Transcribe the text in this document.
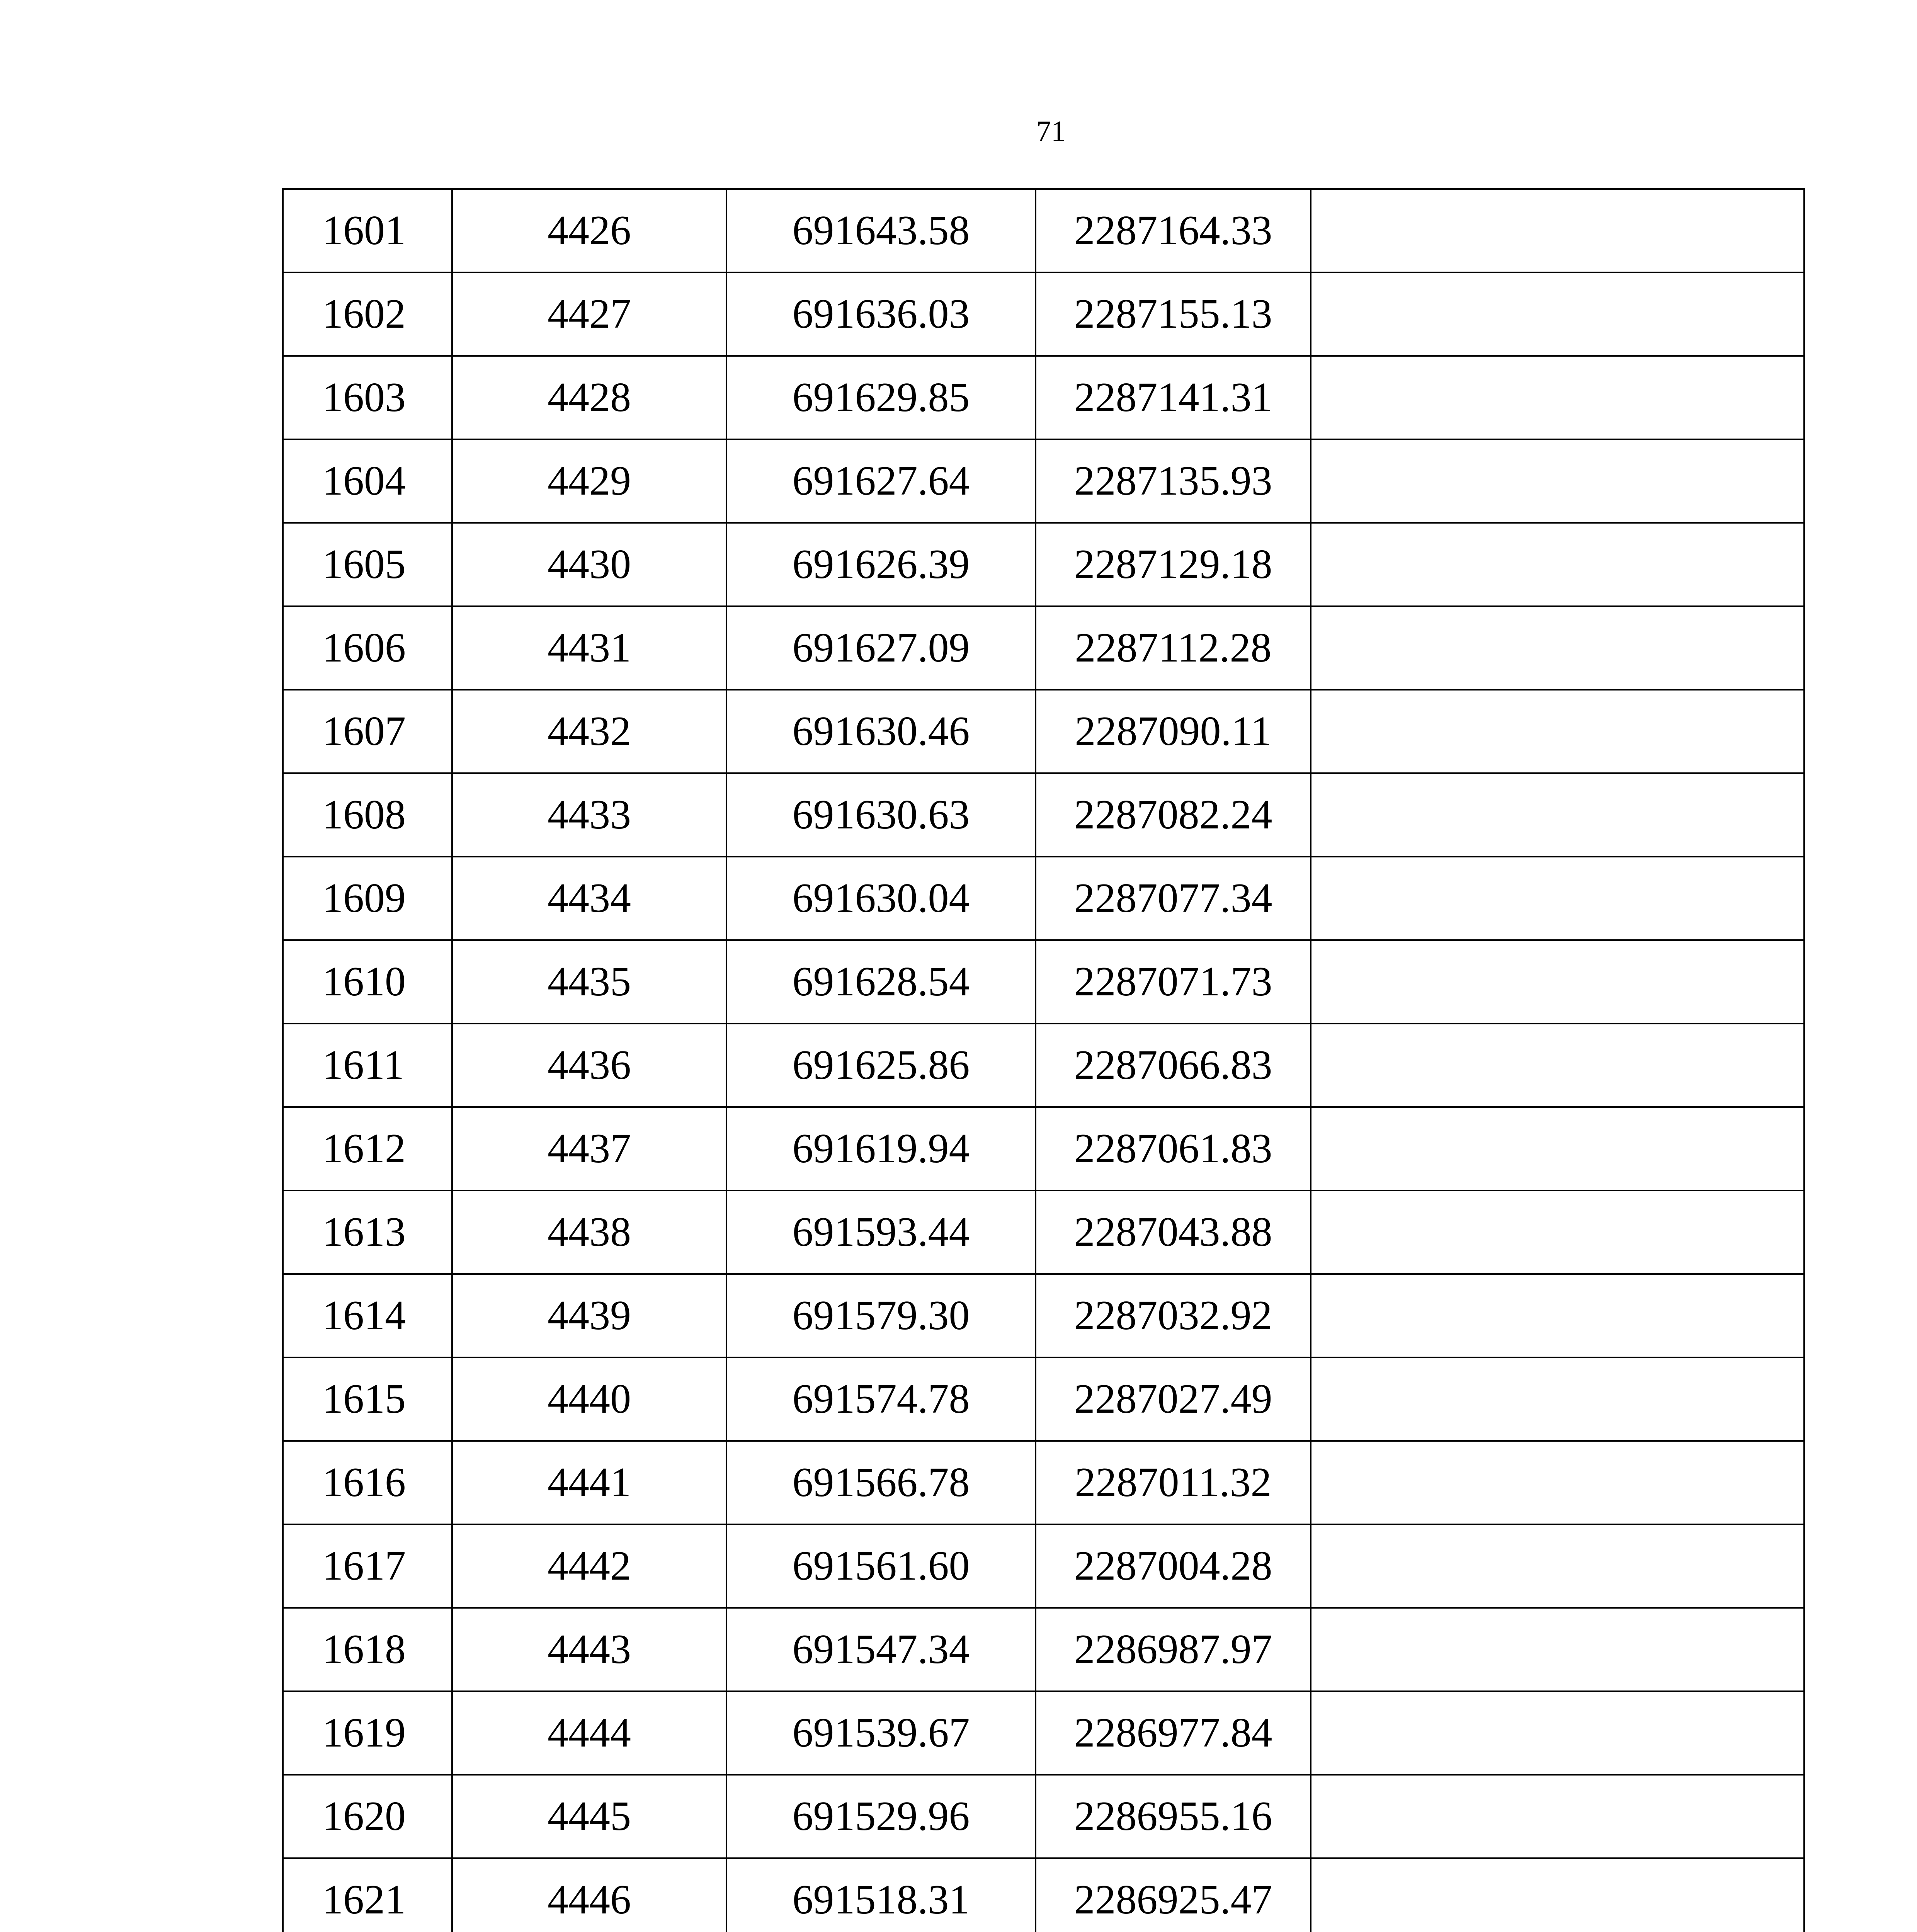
71
1601	4426	691643.58	2287164.33	
1602	4427	691636.03	2287155.13	
1603	4428	691629.85	2287141.31	
1604	4429	691627.64	2287135.93	
1605	4430	691626.39	2287129.18	
1606	4431	691627.09	2287112.28	
1607	4432	691630.46	2287090.11	
1608	4433	691630.63	2287082.24	
1609	4434	691630.04	2287077.34	
1610	4435	691628.54	2287071.73	
1611	4436	691625.86	2287066.83	
1612	4437	691619.94	2287061.83	
1613	4438	691593.44	2287043.88	
1614	4439	691579.30	2287032.92	
1615	4440	691574.78	2287027.49	
1616	4441	691566.78	2287011.32	
1617	4442	691561.60	2287004.28	
1618	4443	691547.34	2286987.97	
1619	4444	691539.67	2286977.84	
1620	4445	691529.96	2286955.16	
1621	4446	691518.31	2286925.47	
